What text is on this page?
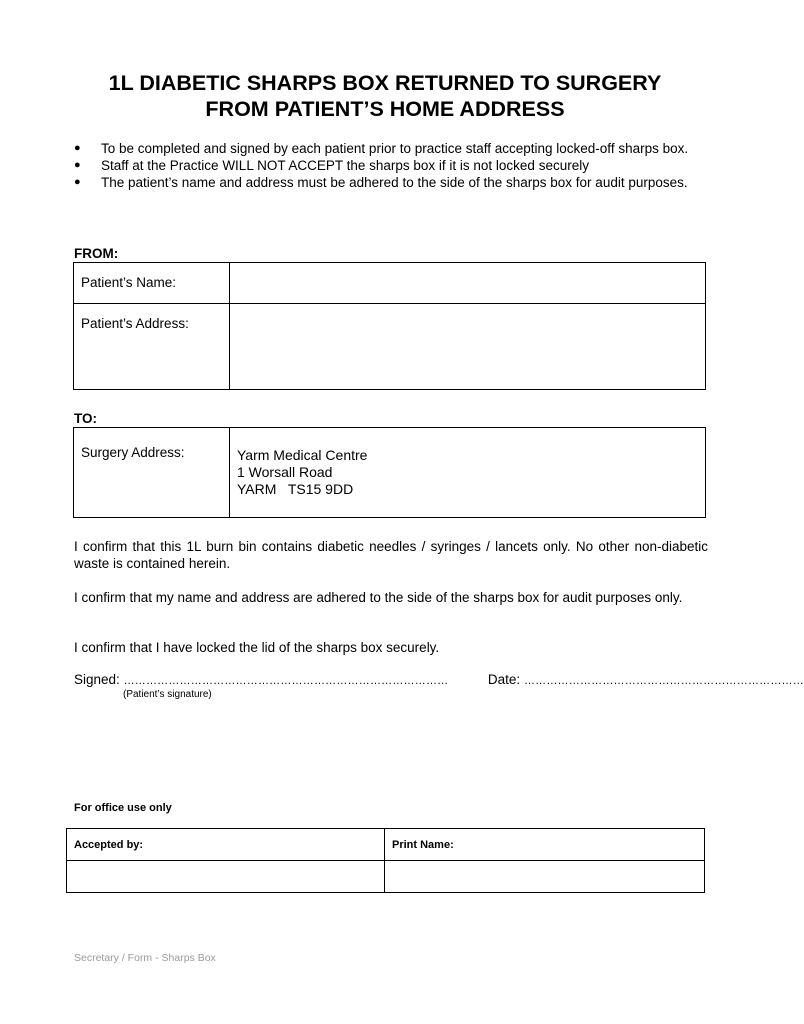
1L DIABETIC SHARPS BOX RETURNED TO SURGERY
FROM PATIENT’S HOME ADDRESS
● To be completed and signed by each patient prior to practice staff accepting locked-off sharps box.
● Staff at the Practice WILL NOT ACCEPT the sharps box if it is not locked securely
● The patient’s name and address must be adhered to the side of the sharps box for audit purposes.
FROM:
Patient’s Name:	

Patient’s Address:	

TO:
Surgery Address:	Yarm Medical Centre
1 Worsall Road
YARM   TS15 9DD
I confirm that this 1L burn bin contains diabetic needles / syringes / lancets only. No other non-diabetic waste is contained herein.
I confirm that my name and address are adhered to the side of the sharps box for audit purposes only.
I confirm that I have locked the lid of the sharps box securely.
Signed: ……………………………………………………………………………	Date: …………………………………………………………………
(Patient’s signature)
For office use only
Accepted by:	Print Name:

Secretary / Form - Sharps Box
